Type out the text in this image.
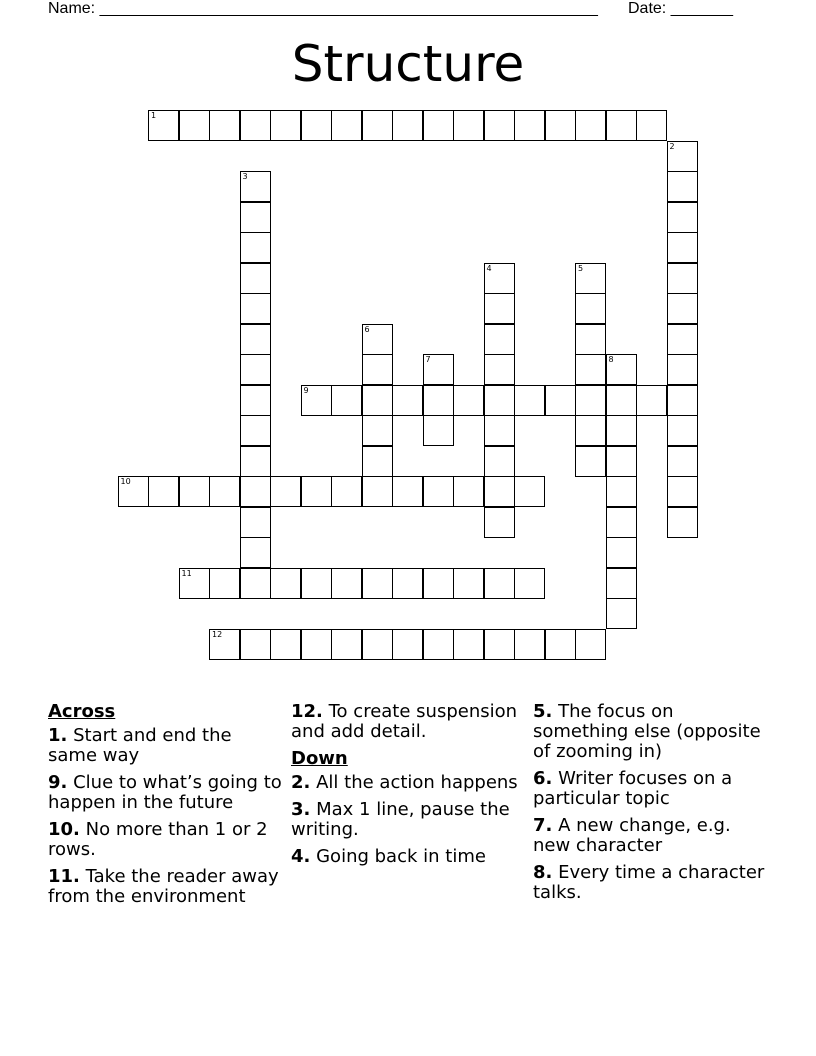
Name: ________________________________________________________ Date: _______
Structure
1
2
3
4	5
6
7	8
9
10
11
12
Across
1. Start and end the same way
9. Clue to what’s going to happen in the future
10. No more than 1 or 2 rows.
11. Take the reader away from the environment
12. To create suspension and add detail.
Down
2. All the action happens
3. Max 1 line, pause the writing.
4. Going back in time
5. The focus on something else (opposite of zooming in)
6. Writer focuses on a particular topic
7. A new change, e.g. new character
8. Every time a character talks.
